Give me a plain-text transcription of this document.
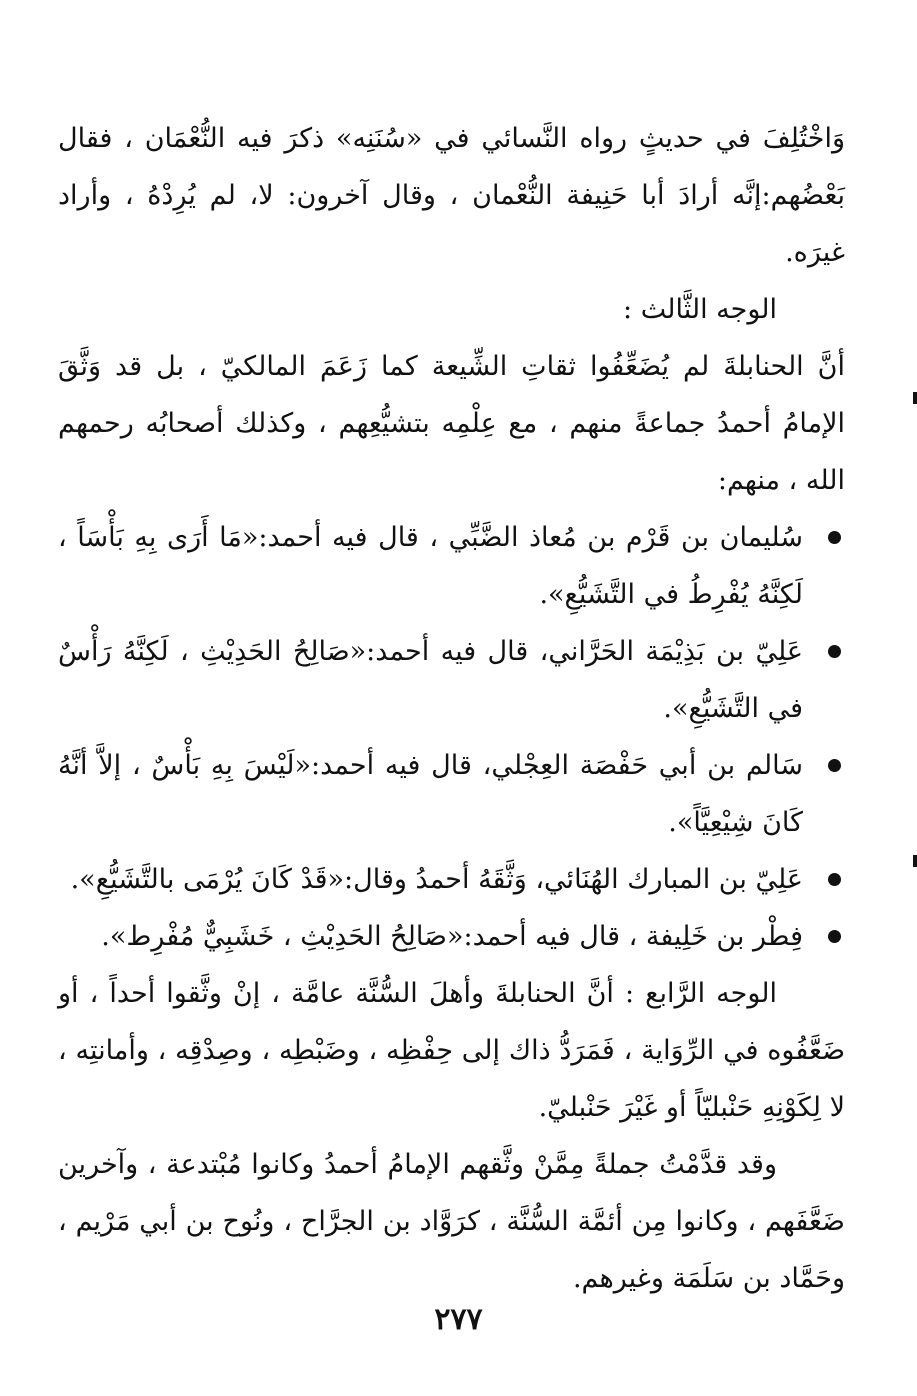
وَاخْتُلِفَ في حديثٍ رواه النَّسائي في «سُنَنِه» ذكرَ فيه النُّعْمَان ، فقال بَعْضُهم:إنَّه أرادَ أبا حَنِيفة النُّعْمان ، وقال آخرون: لا، لم يُرِدْهُ ، وأراد غيرَه.

الوجه الثَّالث :

أنَّ الحنابلةَ لم يُضَعِّفُوا ثقاتِ الشِّيعة كما زَعَمَ المالكيّ ، بل قد وَثَّقَ الإمامُ أحمدُ جماعةً منهم ، مع عِلْمِه بتشيُّعِهم ، وكذلك أصحابُه رحمهم الله ، منهم:

سُليمان بن قَرْم بن مُعاذ الضَّبِّي ، قال فيه أحمد:«مَا أَرَى بِهِ بَأْسَاً ، لَكِنَّهُ يُفْرِطُ في التَّشَيُّعِ».
عَلِيّ بن بَذِيْمَة الحَرَّاني، قال فيه أحمد:«صَالِحُ الحَدِيْثِ ، لَكِنَّهُ رَأْسٌ في التَّشَيُّعِ».
سَالم بن أبي حَفْصَة العِجْلي، قال فيه أحمد:«لَيْسَ بِهِ بَأْسٌ ، إلاَّ أنَّهُ كَانَ شِيْعِيَّاً».
عَلِيّ بن المبارك الهُنَائي، وَثَّقَهُ أحمدُ وقال:«قَدْ كَانَ يُرْمَى بالتَّشَيُّعِ».
فِطْر بن خَلِيفة ، قال فيه أحمد:«صَالِحُ الحَدِيْثِ ، خَشَبِيٌّ مُفْرِط».

الوجه الرَّابع : أنَّ الحنابلةَ وأهلَ السُّنَّة عامَّة ، إنْ وثَّقوا أحداً ، أو ضَعَّفُوه في الرِّوَاية ، فَمَرَدُّ ذاك إلى حِفْظِه ، وضَبْطِه ، وصِدْقِه ، وأمانتِه ، لا لِكَوْنِهِ حَنْبليّاً أو غَيْرَ حَنْبليّ.

وقد قدَّمْتُ جملةً مِمَّنْ وثَّقهم الإمامُ أحمدُ وكانوا مُبْتدعة ، وآخرين ضَعَّفَهم ، وكانوا مِن أئمَّة السُّنَّة ، كرَوَّاد بن الجرَّاح ، ونُوح بن أبي مَرْيم ، وحَمَّاد بن سَلَمَة وغيرهم.

٢٧٧
